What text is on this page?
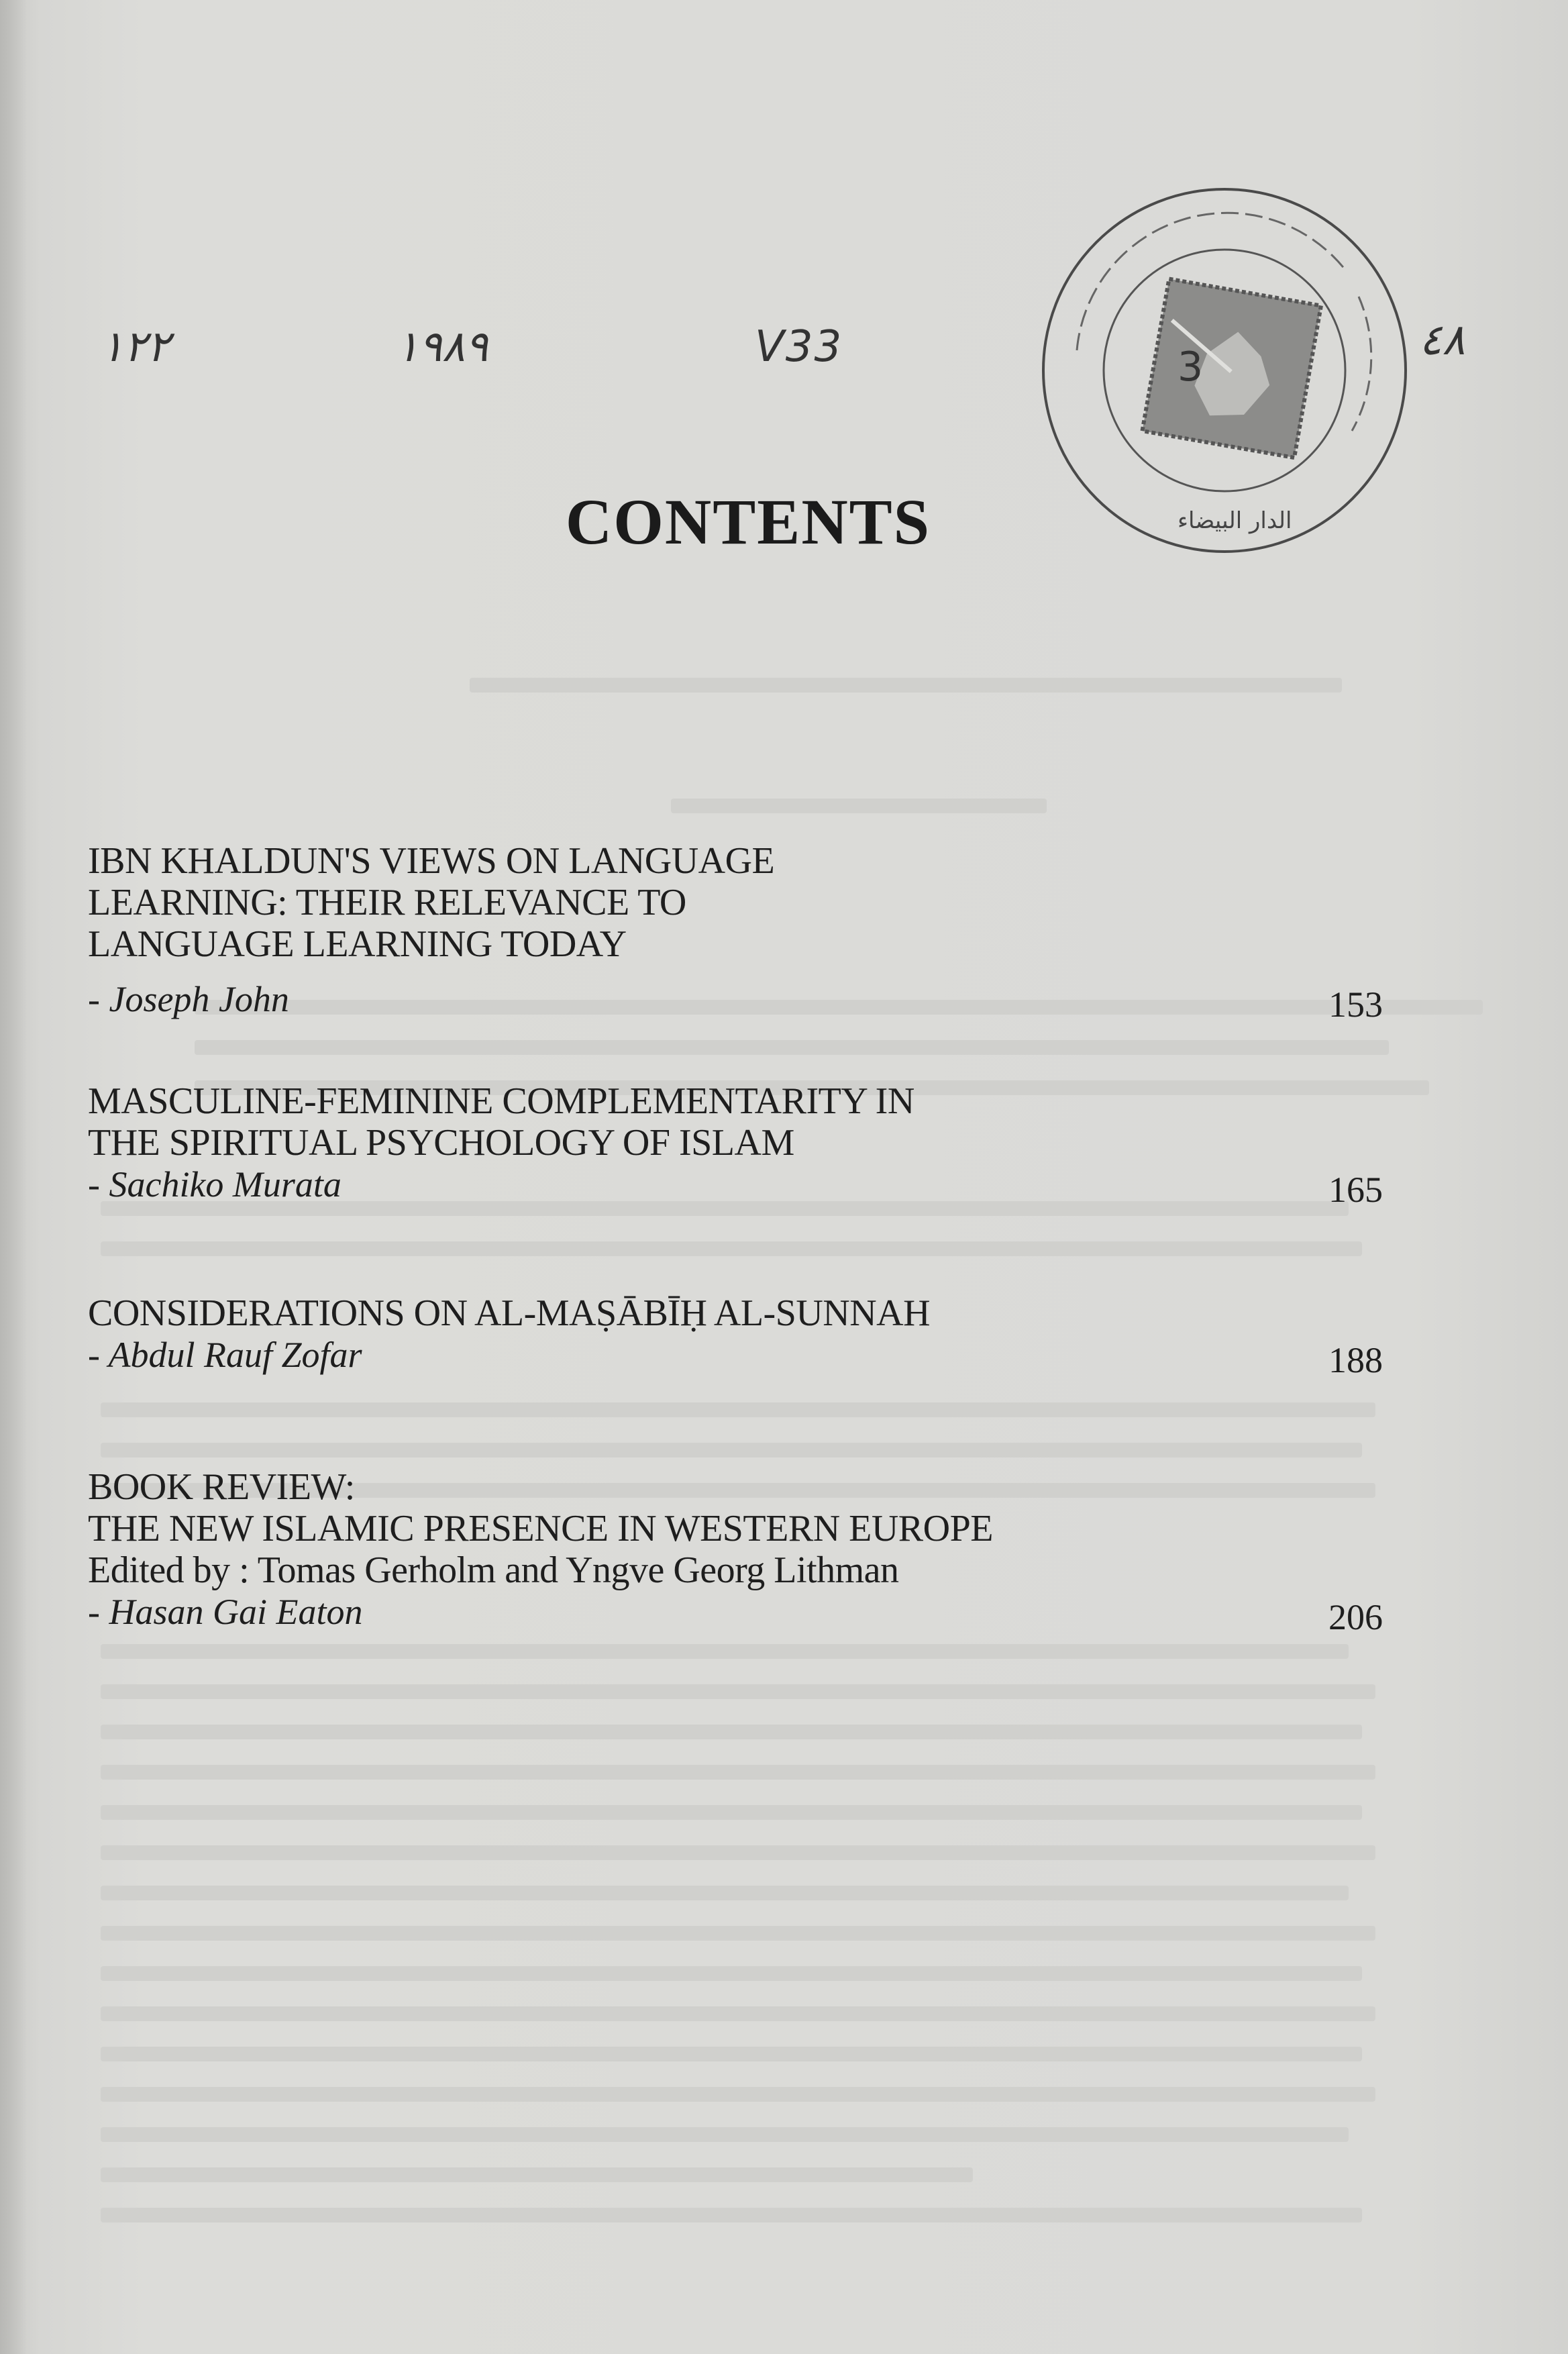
١٢٢	١٩٨٩	V33	٤٨
3
الدار البيضاء
CONTENTS
IBN KHALDUN'S VIEWS ON LANGUAGE
LEARNING: THEIR RELEVANCE TO
LANGUAGE LEARNING TODAY
- Joseph John	153
MASCULINE-FEMININE COMPLEMENTARITY IN
THE SPIRITUAL PSYCHOLOGY OF ISLAM
- Sachiko Murata	165
CONSIDERATIONS ON AL-MAṢĀBĪḤ AL-SUNNAH
- Abdul Rauf Zofar	188
BOOK REVIEW:
THE NEW ISLAMIC PRESENCE IN WESTERN EUROPE
Edited by : Tomas Gerholm and Yngve Georg Lithman
- Hasan Gai Eaton	206
